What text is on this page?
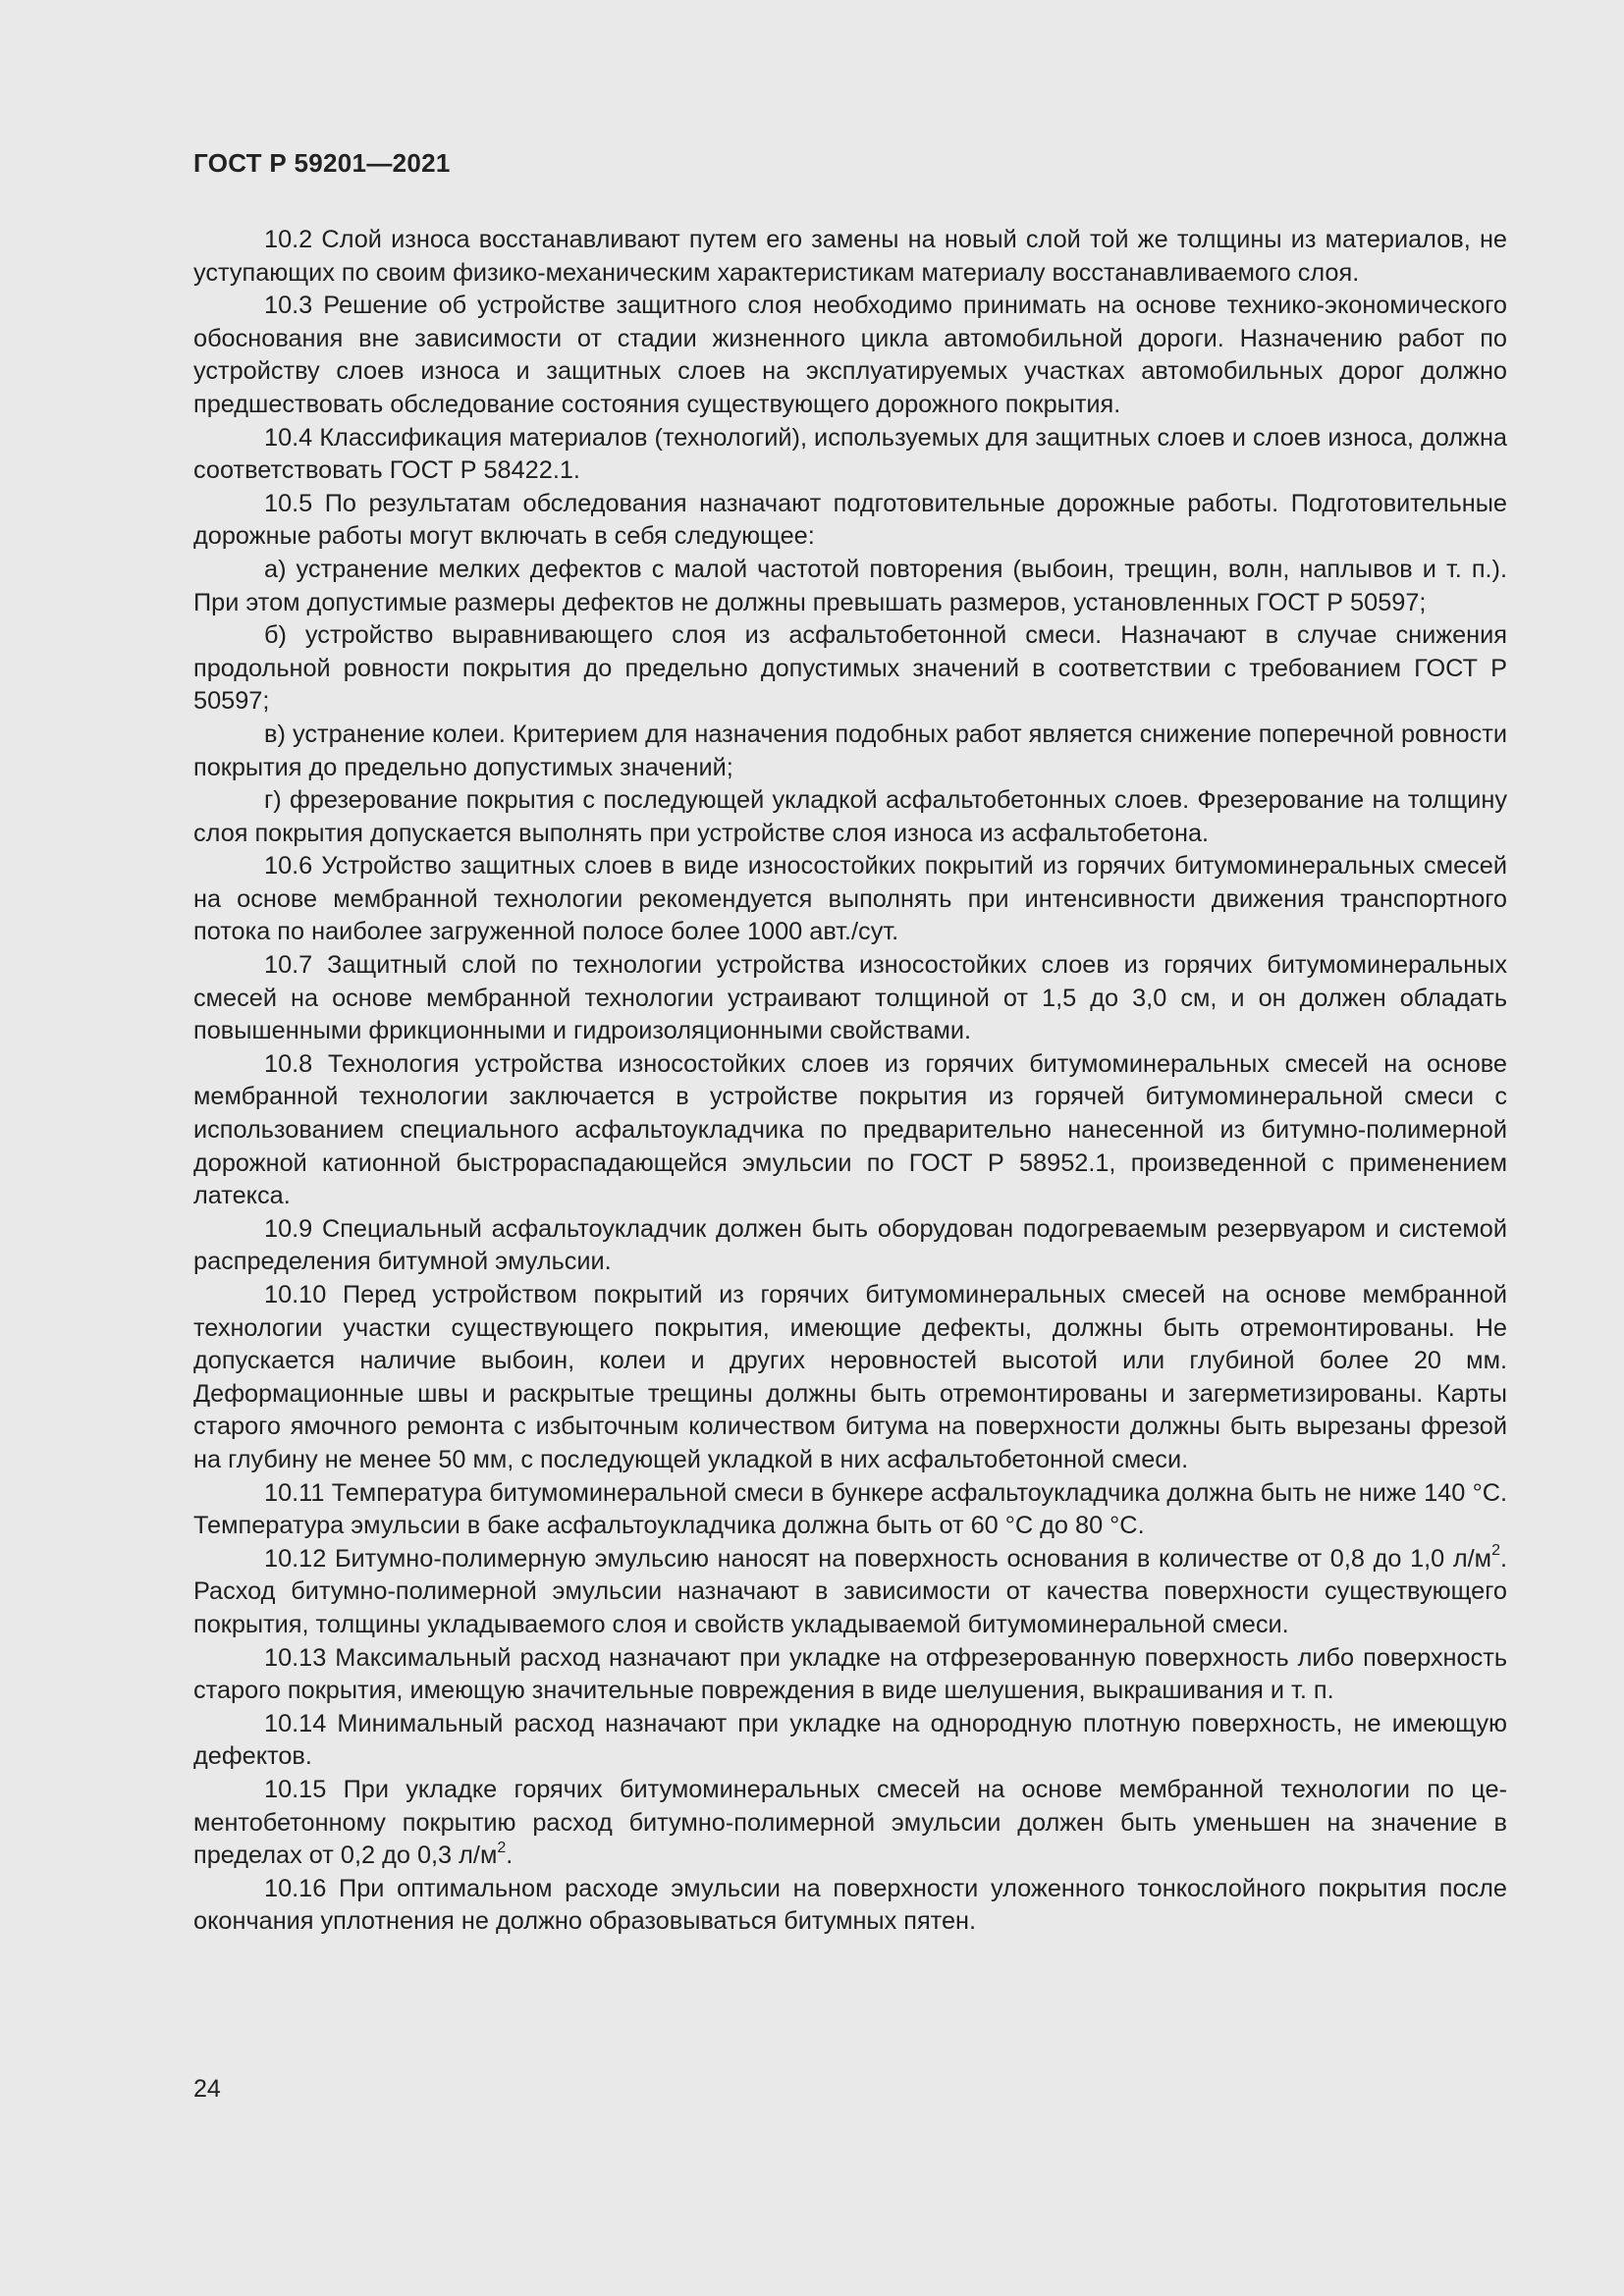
ГОСТ Р 59201—2021

10.2 Слой износа восстанавливают путем его замены на новый слой той же толщины из материалов, не уступающих по своим физико-механическим характеристикам материалу восстанавливаемого слоя.

10.3 Решение об устройстве защитного слоя необходимо принимать на основе технико-экономического обоснования вне зависимости от стадии жизненного цикла автомобильной дороги. Назначению работ по устройству слоев износа и защитных слоев на эксплуатируемых участках автомобильных дорог должно предшествовать обследование состояния существующего дорожного покрытия.

10.4 Классификация материалов (технологий), используемых для защитных слоев и слоев износа, должна соответствовать ГОСТ Р 58422.1.

10.5 По результатам обследования назначают подготовительные дорожные работы. Подготовительные дорожные работы могут включать в себя следующее:

а) устранение мелких дефектов с малой частотой повторения (выбоин, трещин, волн, наплывов и т. п.). При этом допустимые размеры дефектов не должны превышать размеров, установленных ГОСТ Р 50597;

б) устройство выравнивающего слоя из асфальтобетонной смеси. Назначают в случае снижения продольной ровности покрытия до предельно допустимых значений в соответствии с требованием ГОСТ Р 50597;

в) устранение колеи. Критерием для назначения подобных работ является снижение поперечной ровности покрытия до предельно допустимых значений;

г) фрезерование покрытия с последующей укладкой асфальтобетонных слоев. Фрезерование на толщину слоя покрытия допускается выполнять при устройстве слоя износа из асфальтобетона.

10.6 Устройство защитных слоев в виде износостойких покрытий из горячих битумоминеральных смесей на основе мембранной технологии рекомендуется выполнять при интенсивности движения транспортного потока по наиболее загруженной полосе более 1000 авт./сут.

10.7 Защитный слой по технологии устройства износостойких слоев из горячих битумоминеральных смесей на основе мембранной технологии устраивают толщиной от 1,5 до 3,0 см, и он должен обладать повышенными фрикционными и гидроизоляционными свойствами.

10.8 Технология устройства износостойких слоев из горячих битумоминеральных смесей на основе мембранной технологии заключается в устройстве покрытия из горячей битумоминеральной смеси с использованием специального асфальтоукладчика по предварительно нанесенной из битумно-полимерной дорожной катионной быстрораспадающейся эмульсии по ГОСТ Р 58952.1, произведенной с применением латекса.

10.9 Специальный асфальтоукладчик должен быть оборудован подогреваемым резервуаром и системой распределения битумной эмульсии.

10.10 Перед устройством покрытий из горячих битумоминеральных смесей на основе мембранной технологии участки существующего покрытия, имеющие дефекты, должны быть отремонтированы. Не допускается наличие выбоин, колеи и других неровностей высотой или глубиной более 20 мм. Деформационные швы и раскрытые трещины должны быть отремонтированы и загерметизированы. Карты старого ямочного ремонта с избыточным количеством битума на поверхности должны быть вырезаны фрезой на глубину не менее 50 мм, с последующей укладкой в них асфальтобетонной смеси.

10.11 Температура битумоминеральной смеси в бункере асфальтоукладчика должна быть не ниже 140 °С. Температура эмульсии в баке асфальтоукладчика должна быть от 60 °С до 80 °С.

10.12 Битумно-полимерную эмульсию наносят на поверхность основания в количестве от 0,8 до 1,0 $л/м^2$. Расход битумно-полимерной эмульсии назначают в зависимости от качества поверхности существующего покрытия, толщины укладываемого слоя и свойств укладываемой битумоминеральной смеси.

10.13 Максимальный расход назначают при укладке на отфрезерованную поверхность либо поверхность старого покрытия, имеющую значительные повреждения в виде шелушения, выкрашивания и т. п.

10.14 Минимальный расход назначают при укладке на однородную плотную поверхность, не имеющую дефектов.

10.15 При укладке горячих битумоминеральных смесей на основе мембранной технологии по цементобетонному покрытию расход битумно-полимерной эмульсии должен быть уменьшен на значение в пределах от 0,2 до 0,3 $л/м^2$.

10.16 При оптимальном расходе эмульсии на поверхности уложенного тонкослойного покрытия после окончания уплотнения не должно образовываться битумных пятен.

24
